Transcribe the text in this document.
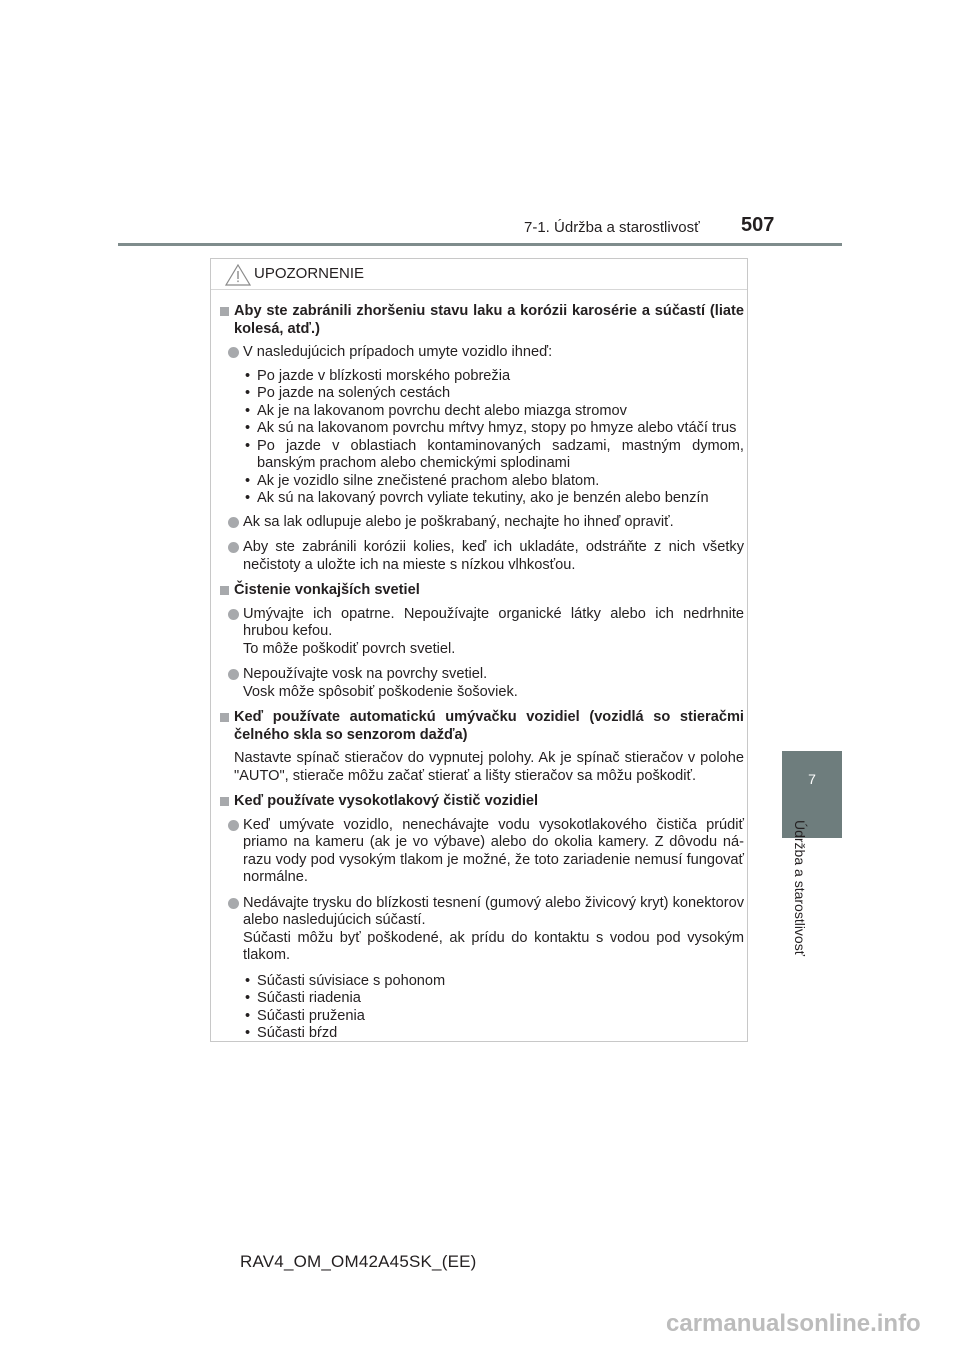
7-1. Údržba a starostlivosť 507
7
Údržba a starostlivosť
UPOZORNENIE

Aby ste zabránili zhoršeniu stavu laku a korózii karosérie a súčastí (liate kolesá, atď.)

V nasledujúcich prípadoch umyte vozidlo ihneď:

• Po jazde v blízkosti morského pobrežia

• Po jazde na solených cestách

• Ak je na lakovanom povrchu decht alebo miazga stromov

• Ak sú na lakovanom povrchu mŕtvy hmyz, stopy po hmyze alebo vtáčí trus

• Po jazde v oblastiach kontaminovaných sadzami, mastným dymom, banským prachom alebo chemickými splodinami

• Ak je vozidlo silne znečistené prachom alebo blatom.

• Ak sú na lakovaný povrch vyliate tekutiny, ako je benzén alebo benzín

Ak sa lak odlupuje alebo je poškrabaný, nechajte ho ihneď opraviť.

Aby ste zabránili korózii kolies, keď ich ukladáte, odstráňte z nich všetky nečistoty a uložte ich na mieste s nízkou vlhkosťou.

Čistenie vonkajších svetiel

Umývajte ich opatrne. Nepoužívajte organické látky alebo ich nedrhnite hrubou kefou.
To môže poškodiť povrch svetiel.
Nepoužívajte vosk na povrchy svetiel.
Vosk môže spôsobiť poškodenie šošoviek.

Keď používate automatickú umývačku vozidiel (vozidlá so stieračmi čelného skla so senzorom dažďa)

Nastavte spínač stieračov do vypnutej polohy. Ak je spínač stieračov v polohe "AUTO", stierače môžu začať stierať a lišty stieračov sa môžu poškodiť.

Keď používate vysokotlakový čistič vozidiel

Keď umývate vozidlo, nenechávajte vodu vysokotlakového čističa prúdiť priamo na kameru (ak je vo výbave) alebo do okolia kamery. Z dôvodu nárazu vody pod vysokým tlakom je možné, že toto zariadenie nemusí fungovať normálne.

Nedávajte trysku do blízkosti tesnení (gumový alebo živicový kryt) konektorov alebo nasledujúcich súčastí.
Súčasti môžu byť poškodené, ak prídu do kontaktu s vodou pod vysokým tlakom.

• Súčasti súvisiace s pohonom

• Súčasti riadenia

• Súčasti pruženia

• Súčasti bŕzd

RAV4_OM_OM42A45SK_(EE)
carmanualsonline.info
